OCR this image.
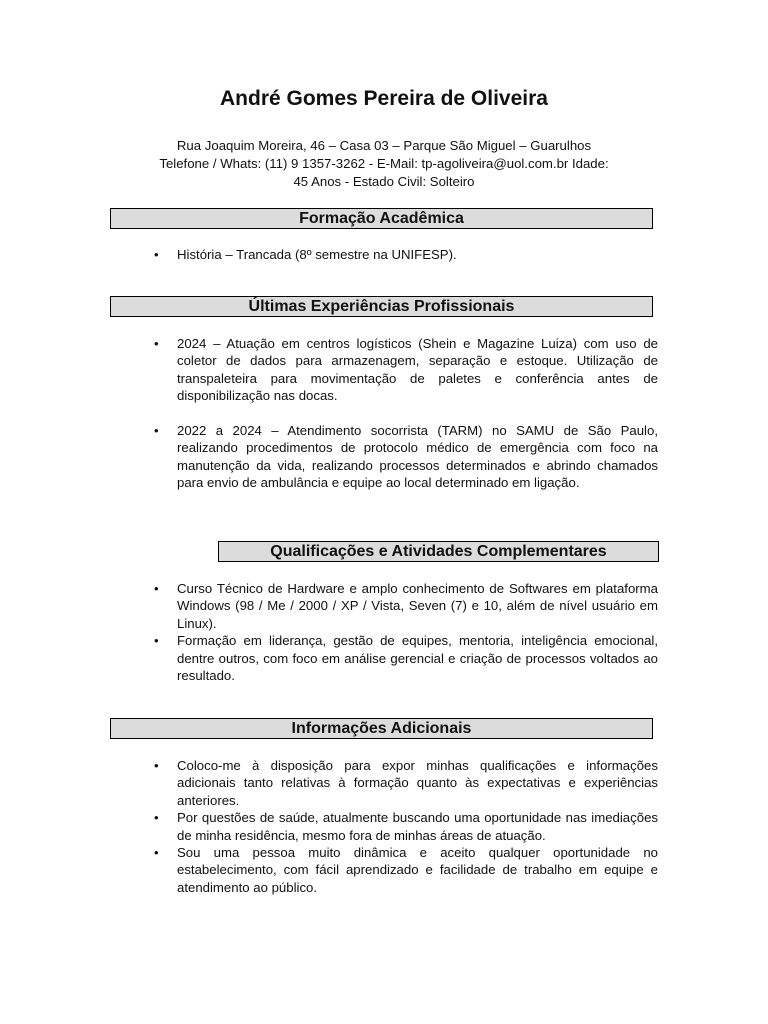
André Gomes Pereira de Oliveira
Rua Joaquim Moreira, 46 – Casa 03 – Parque São Miguel – Guarulhos
Telefone / Whats: (11) 9 1357-3262 - E-Mail: tp-agoliveira@uol.com.br Idade:
45 Anos - Estado Civil: Solteiro
Formação Acadêmica
• História – Trancada (8º semestre na UNIFESP).
Últimas Experiências Profissionais
• 2024 – Atuação em centros logísticos (Shein e Magazine Luiza) com uso de coletor de dados para armazenagem, separação e estoque. Utilização de transpaleteira para movimentação de paletes e conferência antes de disponibilização nas docas.
• 2022 a 2024 – Atendimento socorrista (TARM) no SAMU de São Paulo, realizando procedimentos de protocolo médico de emergência com foco na manutenção da vida, realizando processos determinados e abrindo chamados para envio de ambulância e equipe ao local determinado em ligação.
Qualificações e Atividades Complementares
• Curso Técnico de Hardware e amplo conhecimento de Softwares em plataforma Windows (98 / Me / 2000 / XP / Vista, Seven (7) e 10, além de nível usuário em Linux).
• Formação em liderança, gestão de equipes, mentoria, inteligência emocional, dentre outros, com foco em análise gerencial e criação de processos voltados ao resultado.
Informações Adicionais
• Coloco-me à disposição para expor minhas qualificações e informações adicionais tanto relativas à formação quanto às expectativas e experiências anteriores.
• Por questões de saúde, atualmente buscando uma oportunidade nas imediações de minha residência, mesmo fora de minhas áreas de atuação.
• Sou uma pessoa muito dinâmica e aceito qualquer oportunidade no estabelecimento, com fácil aprendizado e facilidade de trabalho em equipe e atendimento ao público.
